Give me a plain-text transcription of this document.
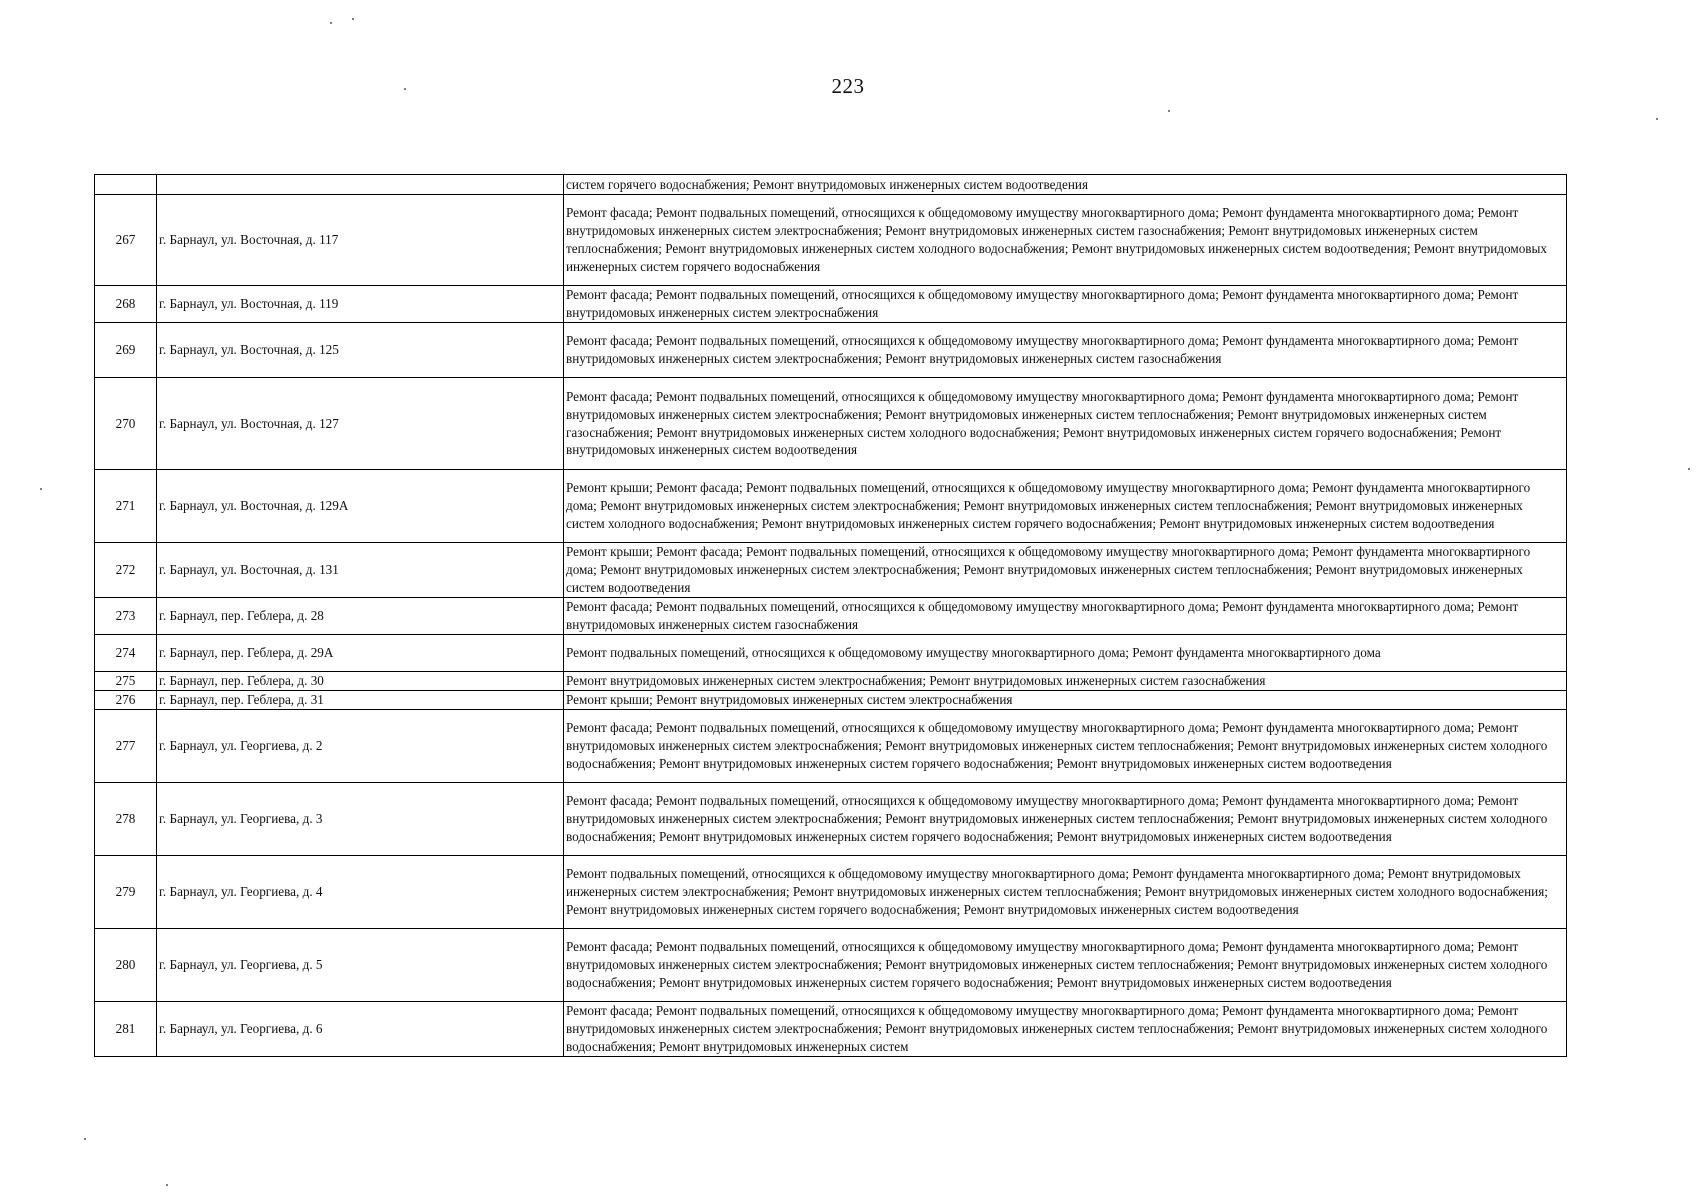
223
		систем горячего водоснабжения; Ремонт внутридомовых инженерных систем водоотведения
267	г. Барнаул, ул. Восточная, д. 117	Ремонт фасада; Ремонт подвальных помещений, относящихся к общедомовому имуществу многоквартирного дома; Ремонт фундамента многоквартирного дома; Ремонт внутридомовых инженерных систем электроснабжения; Ремонт внутридомовых инженерных систем газоснабжения; Ремонт внутридомовых инженерных систем теплоснабжения; Ремонт внутридомовых инженерных систем холодного водоснабжения; Ремонт внутридомовых инженерных систем водоотведения; Ремонт внутридомовых инженерных систем горячего водоснабжения
268	г. Барнаул, ул. Восточная, д. 119	Ремонт фасада; Ремонт подвальных помещений, относящихся к общедомовому имуществу многоквартирного дома; Ремонт фундамента многоквартирного дома; Ремонт внутридомовых инженерных систем электроснабжения
269	г. Барнаул, ул. Восточная, д. 125	Ремонт фасада; Ремонт подвальных помещений, относящихся к общедомовому имуществу многоквартирного дома; Ремонт фундамента многоквартирного дома; Ремонт внутридомовых инженерных систем электроснабжения; Ремонт внутридомовых инженерных систем газоснабжения
270	г. Барнаул, ул. Восточная, д. 127	Ремонт фасада; Ремонт подвальных помещений, относящихся к общедомовому имуществу многоквартирного дома; Ремонт фундамента многоквартирного дома; Ремонт внутридомовых инженерных систем электроснабжения; Ремонт внутридомовых инженерных систем теплоснабжения; Ремонт внутридомовых инженерных систем газоснабжения; Ремонт внутридомовых инженерных систем холодного водоснабжения; Ремонт внутридомовых инженерных систем горячего водоснабжения; Ремонт внутридомовых инженерных систем водоотведения
271	г. Барнаул, ул. Восточная, д. 129А	Ремонт крыши; Ремонт фасада; Ремонт подвальных помещений, относящихся к общедомовому имуществу многоквартирного дома; Ремонт фундамента многоквартирного дома; Ремонт внутридомовых инженерных систем электроснабжения; Ремонт внутридомовых инженерных систем теплоснабжения; Ремонт внутридомовых инженерных систем холодного водоснабжения; Ремонт внутридомовых инженерных систем горячего водоснабжения; Ремонт внутридомовых инженерных систем водоотведения
272	г. Барнаул, ул. Восточная, д. 131	Ремонт крыши; Ремонт фасада; Ремонт подвальных помещений, относящихся к общедомовому имуществу многоквартирного дома; Ремонт фундамента многоквартирного дома; Ремонт внутридомовых инженерных систем электроснабжения; Ремонт внутридомовых инженерных систем теплоснабжения; Ремонт внутридомовых инженерных систем водоотведения
273	г. Барнаул, пер. Геблера, д. 28	Ремонт фасада; Ремонт подвальных помещений, относящихся к общедомовому имуществу многоквартирного дома; Ремонт фундамента многоквартирного дома; Ремонт внутридомовых инженерных систем газоснабжения
274	г. Барнаул, пер. Геблера, д. 29А	Ремонт подвальных помещений, относящихся к общедомовому имуществу многоквартирного дома; Ремонт фундамента многоквартирного дома
275	г. Барнаул, пер. Геблера, д. 30	Ремонт внутридомовых инженерных систем электроснабжения; Ремонт внутридомовых инженерных систем газоснабжения
276	г. Барнаул, пер. Геблера, д. 31	Ремонт крыши; Ремонт внутридомовых инженерных систем электроснабжения
277	г. Барнаул, ул. Георгиева, д. 2	Ремонт фасада; Ремонт подвальных помещений, относящихся к общедомовому имуществу многоквартирного дома; Ремонт фундамента многоквартирного дома; Ремонт внутридомовых инженерных систем электроснабжения; Ремонт внутридомовых инженерных систем теплоснабжения; Ремонт внутридомовых инженерных систем холодного водоснабжения; Ремонт внутридомовых инженерных систем горячего водоснабжения; Ремонт внутридомовых инженерных систем водоотведения
278	г. Барнаул, ул. Георгиева, д. 3	Ремонт фасада; Ремонт подвальных помещений, относящихся к общедомовому имуществу многоквартирного дома; Ремонт фундамента многоквартирного дома; Ремонт внутридомовых инженерных систем электроснабжения; Ремонт внутридомовых инженерных систем теплоснабжения; Ремонт внутридомовых инженерных систем холодного водоснабжения; Ремонт внутридомовых инженерных систем горячего водоснабжения; Ремонт внутридомовых инженерных систем водоотведения
279	г. Барнаул, ул. Георгиева, д. 4	Ремонт подвальных помещений, относящихся к общедомовому имуществу многоквартирного дома; Ремонт фундамента многоквартирного дома; Ремонт внутридомовых инженерных систем электроснабжения; Ремонт внутридомовых инженерных систем теплоснабжения; Ремонт внутридомовых инженерных систем холодного водоснабжения; Ремонт внутридомовых инженерных систем горячего водоснабжения; Ремонт внутридомовых инженерных систем водоотведения
280	г. Барнаул, ул. Георгиева, д. 5	Ремонт фасада; Ремонт подвальных помещений, относящихся к общедомовому имуществу многоквартирного дома; Ремонт фундамента многоквартирного дома; Ремонт внутридомовых инженерных систем электроснабжения; Ремонт внутридомовых инженерных систем теплоснабжения; Ремонт внутридомовых инженерных систем холодного водоснабжения; Ремонт внутридомовых инженерных систем горячего водоснабжения; Ремонт внутридомовых инженерных систем водоотведения
281	г. Барнаул, ул. Георгиева, д. 6	Ремонт фасада; Ремонт подвальных помещений, относящихся к общедомовому имуществу многоквартирного дома; Ремонт фундамента многоквартирного дома; Ремонт внутридомовых инженерных систем электроснабжения; Ремонт внутридомовых инженерных систем теплоснабжения; Ремонт внутридомовых инженерных систем холодного водоснабжения; Ремонт внутридомовых инженерных систем
